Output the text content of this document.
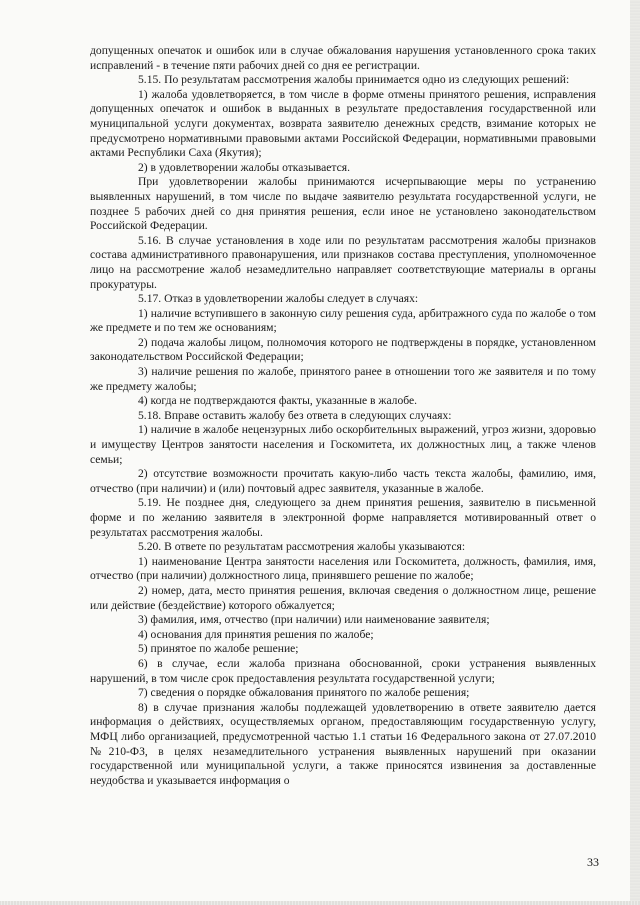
допущенных опечаток и ошибок или в случае обжалования нарушения установленного срока таких исправлений - в течение пяти рабочих дней со дня ее регистрации.

5.15. По результатам рассмотрения жалобы принимается одно из следующих решений:

1) жалоба удовлетворяется, в том числе в форме отмены принятого решения, исправления допущенных опечаток и ошибок в выданных в результате предоставления государственной или муниципальной услуги документах, возврата заявителю денежных средств, взимание которых не предусмотрено нормативными правовыми актами Российской Федерации, нормативными правовыми актами Республики Саха (Якутия);

2) в удовлетворении жалобы отказывается.

При удовлетворении жалобы принимаются исчерпывающие меры по устранению выявленных нарушений, в том числе по выдаче заявителю результата государственной услуги, не позднее 5 рабочих дней со дня принятия решения, если иное не установлено законодательством Российской Федерации.

5.16. В случае установления в ходе или по результатам рассмотрения жалобы признаков состава административного правонарушения, или признаков состава преступления, уполномоченное лицо на рассмотрение жалоб незамедлительно направляет соответствующие материалы в органы прокуратуры.

5.17. Отказ в удовлетворении жалобы следует в случаях:

1) наличие вступившего в законную силу решения суда, арбитражного суда по жалобе о том же предмете и по тем же основаниям;

2) подача жалобы лицом, полномочия которого не подтверждены в порядке, установленном законодательством Российской Федерации;

3) наличие решения по жалобе, принятого ранее в отношении того же заявителя и по тому же предмету жалобы;

4) когда не подтверждаются факты, указанные в жалобе.

5.18. Вправе оставить жалобу без ответа в следующих случаях:

1) наличие в жалобе нецензурных либо оскорбительных выражений, угроз жизни, здоровью и имуществу Центров занятости населения и Госкомитета, их должностных лиц, а также членов семьи;

2) отсутствие возможности прочитать какую-либо часть текста жалобы, фамилию, имя, отчество (при наличии) и (или) почтовый адрес заявителя, указанные в жалобе.

5.19. Не позднее дня, следующего за днем принятия решения, заявителю в письменной форме и по желанию заявителя в электронной форме направляется мотивированный ответ о результатах рассмотрения жалобы.

5.20. В ответе по результатам рассмотрения жалобы указываются:

1) наименование Центра занятости населения или Госкомитета, должность, фамилия, имя, отчество (при наличии) должностного лица, принявшего решение по жалобе;

2) номер, дата, место принятия решения, включая сведения о должностном лице, решение или действие (бездействие) которого обжалуется;

3) фамилия, имя, отчество (при наличии) или наименование заявителя;

4) основания для принятия решения по жалобе;

5) принятое по жалобе решение;

6) в случае, если жалоба признана обоснованной, сроки устранения выявленных нарушений, в том числе срок предоставления результата государственной услуги;

7) сведения о порядке обжалования принятого по жалобе решения;

8) в случае признания жалобы подлежащей удовлетворению в ответе заявителю дается информация о действиях, осуществляемых органом, предоставляющим государственную услугу, МФЦ либо организацией, предусмотренной частью 1.1 статьи 16 Федерального закона от 27.07.2010 №210-ФЗ, в целях незамедлительного устранения выявленных нарушений при оказании государственной или муниципальной услуги, а также приносятся извинения за доставленные неудобства и указывается информация о

33
